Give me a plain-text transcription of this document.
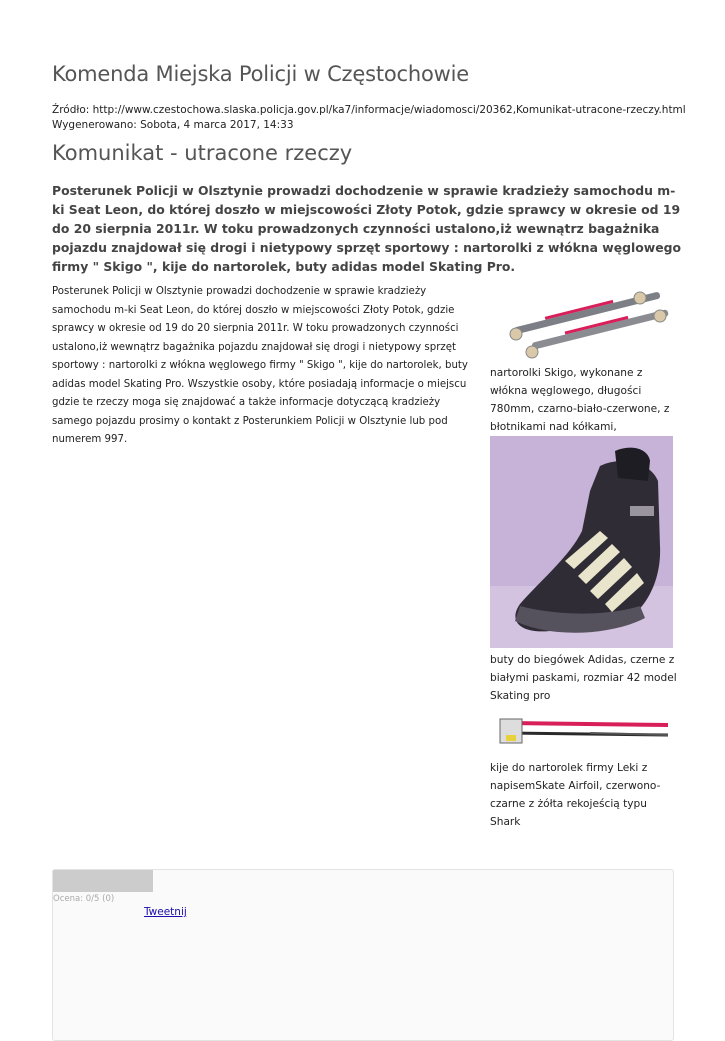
Komenda Miejska Policji w Częstochowie
Źródło: http://www.czestochowa.slaska.policja.gov.pl/ka7/informacje/wiadomosci/20362,Komunikat-utracone-rzeczy.html
Wygenerowano: Sobota, 4 marca 2017, 14:33
Komunikat - utracone rzeczy

Posterunek Policji w Olsztynie prowadzi dochodzenie w sprawie kradzieży samochodu m-ki Seat Leon, do której doszło w miejscowości Złoty Potok, gdzie sprawcy w okresie od 19 do 20 sierpnia 2011r. W toku prowadzonych czynności ustalono,iż wewnątrz bagażnika pojazdu znajdował się drogi i nietypowy sprzęt sportowy : nartorolki z włókna węglowego firmy " Skigo ", kije do nartorolek, buty adidas model Skating Pro.

Posterunek Policji w Olsztynie prowadzi dochodzenie w sprawie kradzieży samochodu m-ki Seat Leon, do której doszło w miejscowości Złoty Potok, gdzie sprawcy w okresie od 19 do 20 sierpnia 2011r. W toku prowadzonych czynności ustalono,iż wewnątrz bagażnika pojazdu znajdował się drogi i nietypowy sprzęt sportowy : nartorolki z włókna węglowego firmy " Skigo ", kije do nartorolek, buty adidas model Skating Pro. Wszystkie osoby, które posiadają informacje o miejscu gdzie te rzeczy moga się znajdować a także informacje dotyczącą kradzieży samego pojazdu prosimy o kontakt z Posterunkiem Policji w Olsztynie lub pod numerem 997.

nartorolki Skigo, wykonane z włókna węglowego, długości 780mm, czarno-biało-czerwone, z błotnikami nad kółkami,

buty do biegówek Adidas, czerne z białymi paskami, rozmiar 42 model Skating pro

kije do nartorolek firmy Leki z napisemSkate Airfoil, czerwono-czarne z żółta rekojeścią typu Shark

Ocena: 0/5 (0)
Tweetnij
